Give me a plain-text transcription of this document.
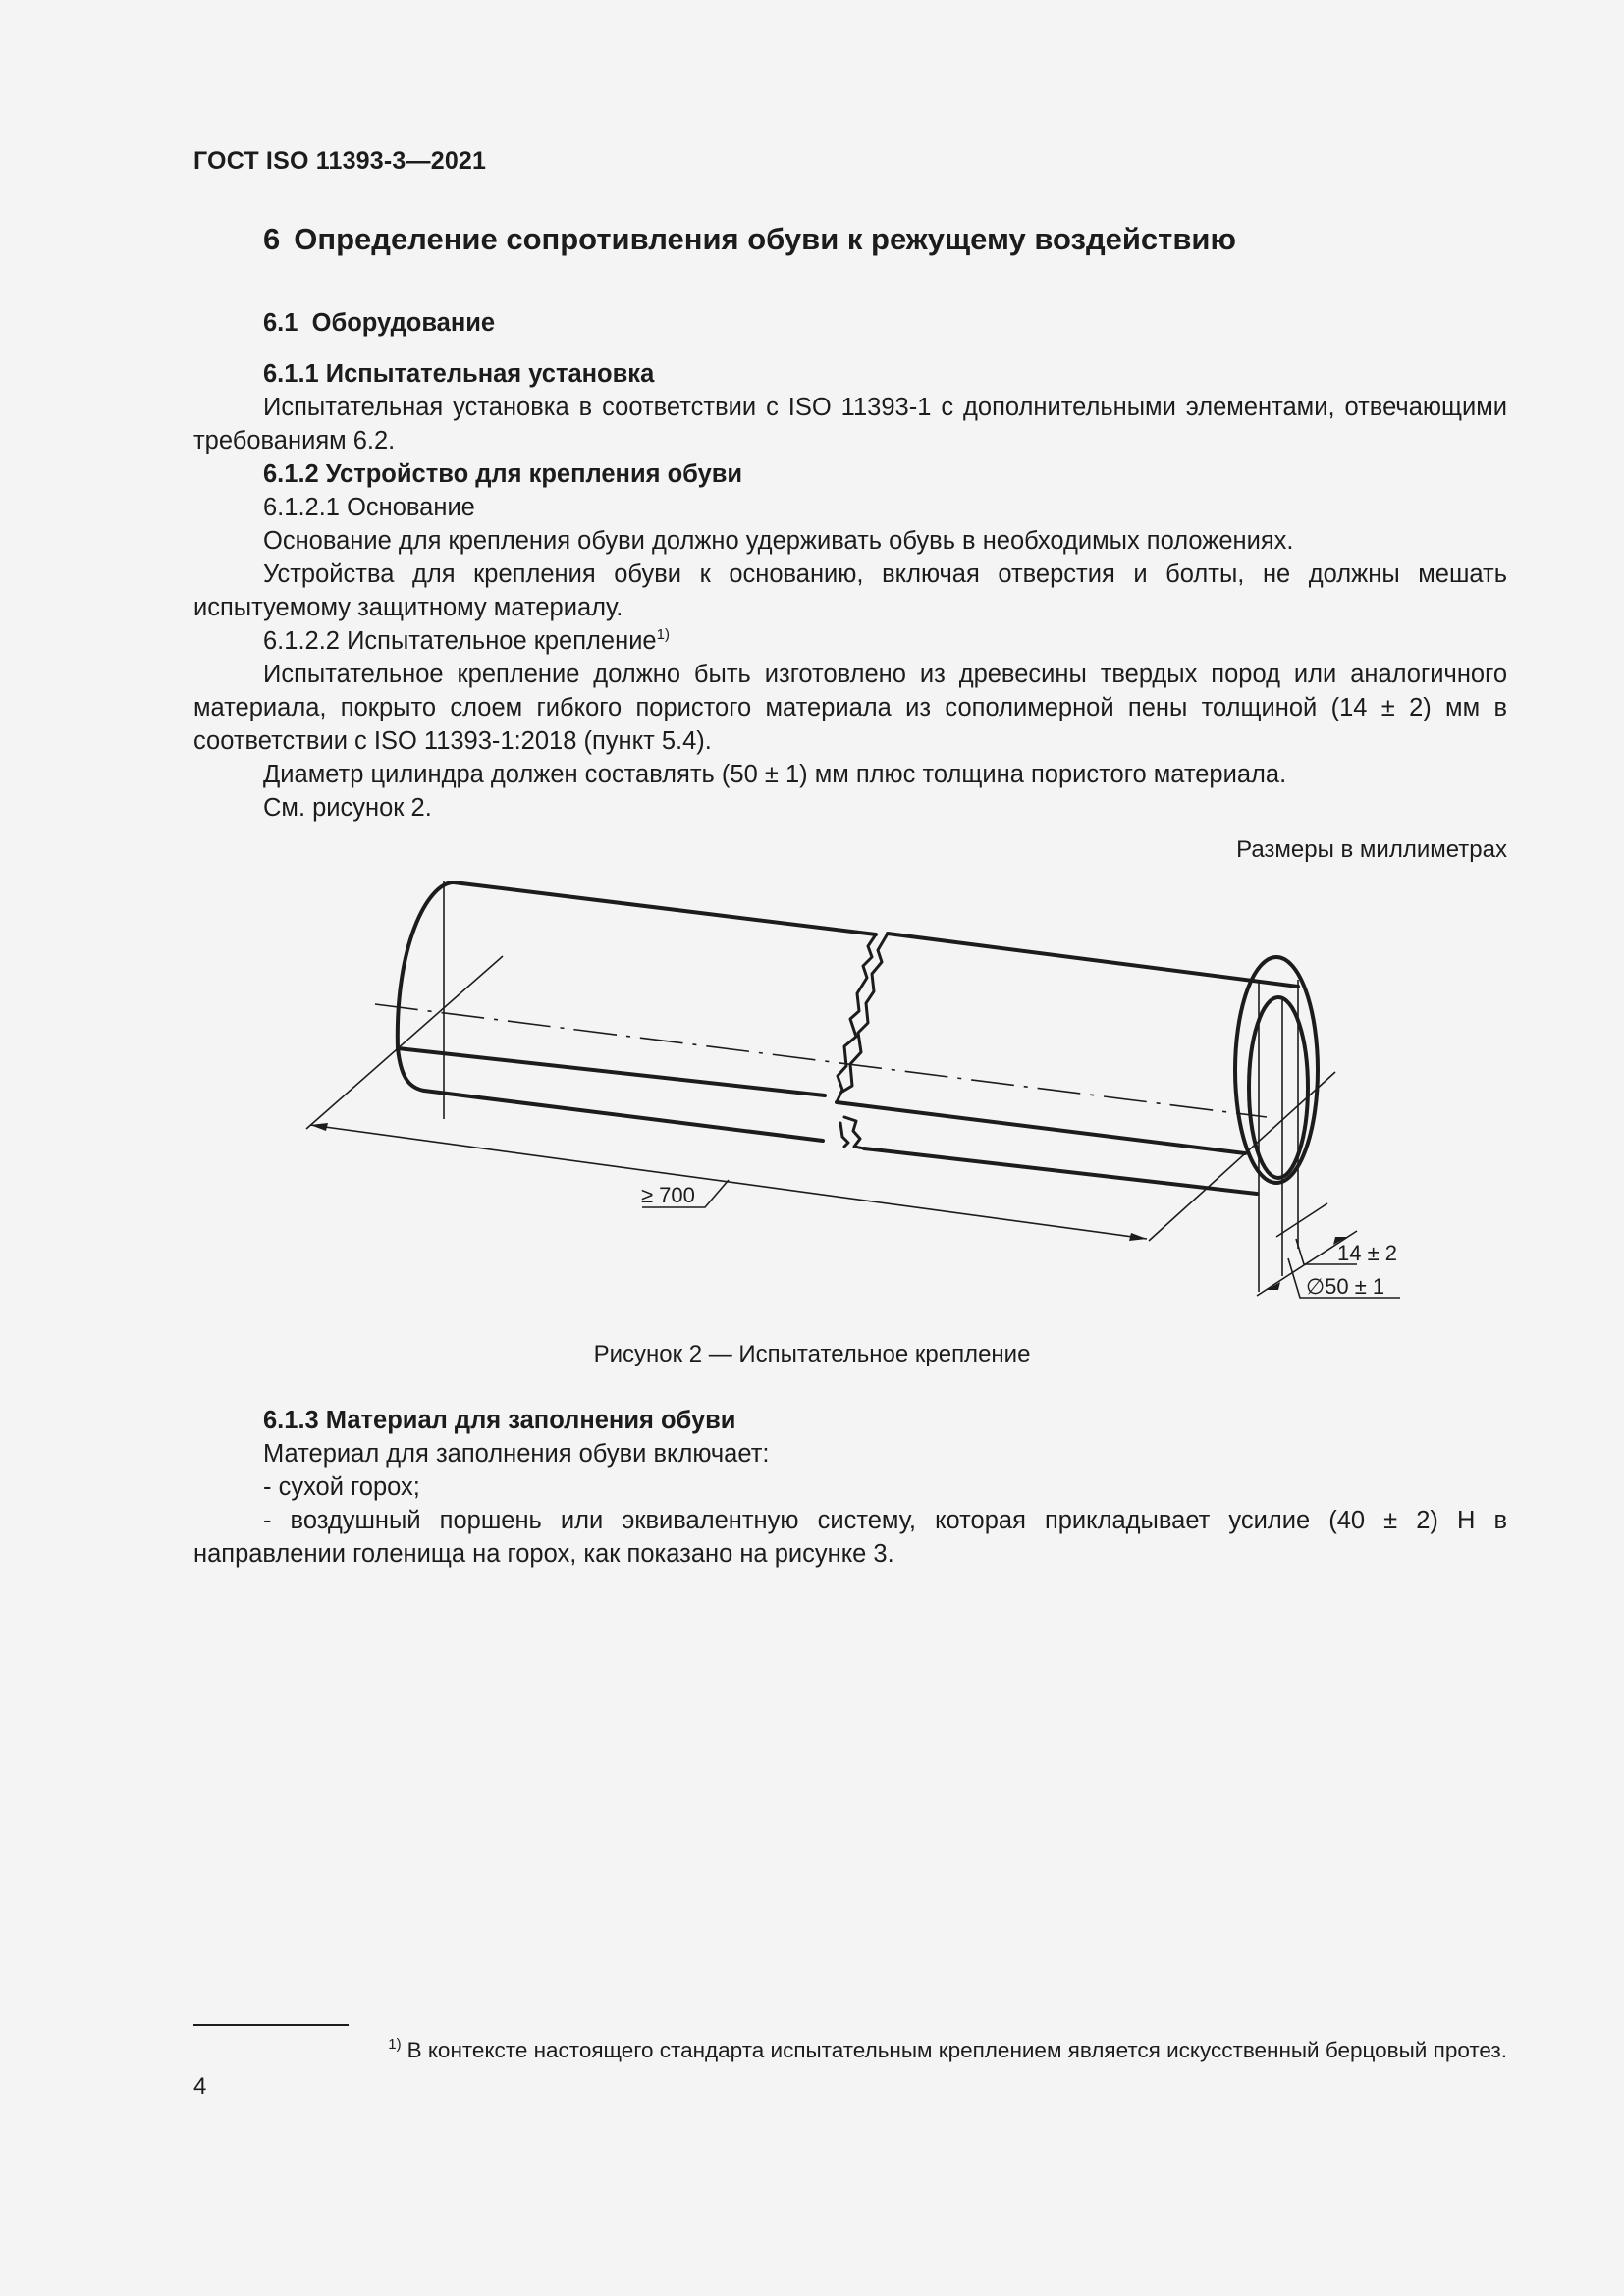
ГОСТ ISO 11393-3—2021
6 Определение сопротивления обуви к режущему воздействию

6.1 Оборудование

6.1.1 Испытательная установка

Испытательная установка в соответствии с ISO 11393-1 с дополнительными элементами, отвечающими требованиям 6.2.

6.1.2 Устройство для крепления обуви

6.1.2.1 Основание

Основание для крепления обуви должно удерживать обувь в необходимых положениях.

Устройства для крепления обуви к основанию, включая отверстия и болты, не должны мешать испытуемому защитному материалу.

6.1.2.2 Испытательное крепление$^{1)}$

Испытательное крепление должно быть изготовлено из древесины твердых пород или аналогичного материала, покрыто слоем гибкого пористого материала из сополимерной пены толщиной (14 ± 2) мм в соответствии с ISO 11393-1:2018 (пункт 5.4).

Диаметр цилиндра должен составлять (50 ± 1) мм плюс толщина пористого материала.

См. рисунок 2.

Размеры в миллиметрах
≥ 700
14 ± 2
∅50 ± 1
Рисунок 2 — Испытательное крепление

6.1.3 Материал для заполнения обуви

Материал для заполнения обуви включает:

- сухой горох;

- воздушный поршень или эквивалентную систему, которая прикладывает усилие (40 ± 2) Н в направлении голенища на горох, как показано на рисунке 3.

$^{1)}$ В контексте настоящего стандарта испытательным креплением является искусственный берцовый протез.
4
